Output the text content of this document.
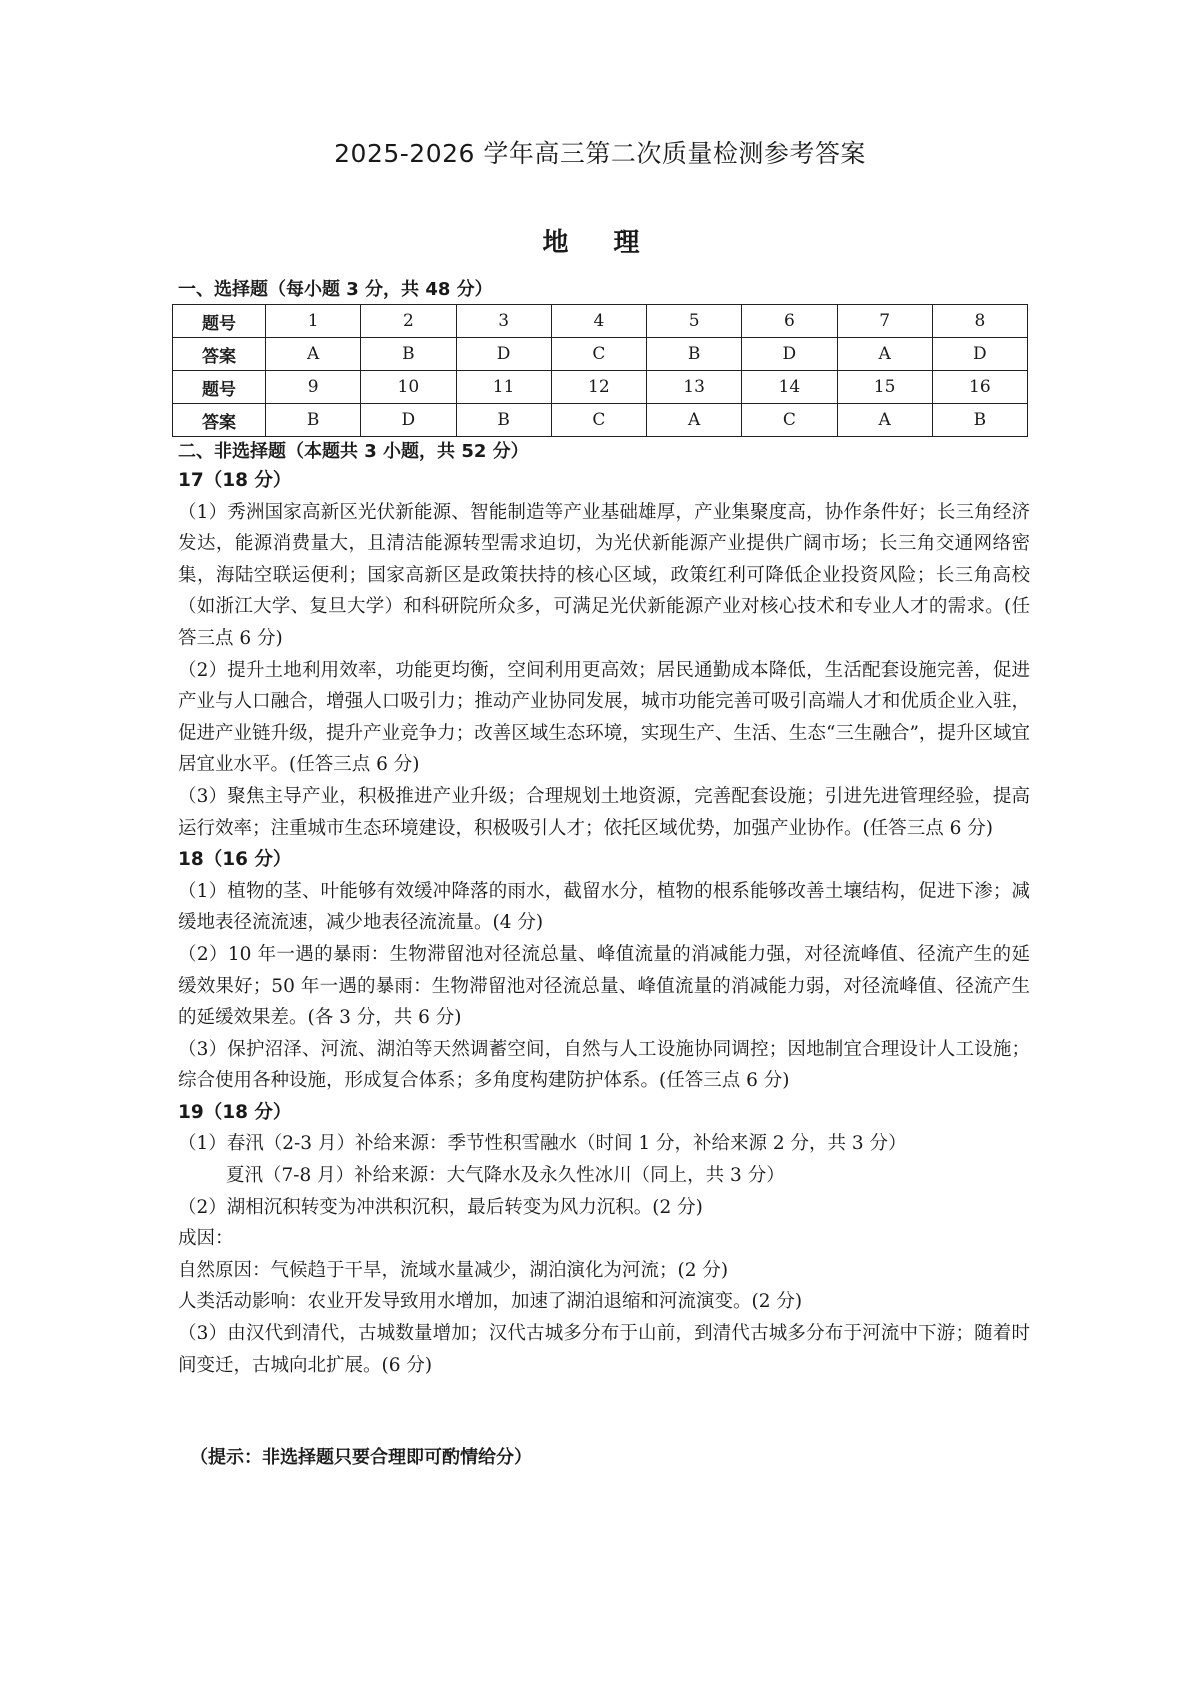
2025-2026 学年高三第二次质量检测参考答案
地 理
一、选择题（每小题 3 分，共 48 分）
题号	1	2	3	4	5	6	7	8
答案	A	B	D	C	B	D	A	D
题号	9	10	11	12	13	14	15	16
答案	B	D	B	C	A	C	A	B
二、非选择题（本题共 3 小题，共 52 分）
17（18 分）

（1）秀洲国家高新区光伏新能源、智能制造等产业基础雄厚，产业集聚度高，协作条件好；长三角经济发达，能源消费量大，且清洁能源转型需求迫切，为光伏新能源产业提供广阔市场；长三角交通网络密集，海陆空联运便利；国家高新区是政策扶持的核心区域，政策红利可降低企业投资风险；长三角高校（如浙江大学、复旦大学）和科研院所众多，可满足光伏新能源产业对核心技术和专业人才的需求。(任答三点 6 分)

（2）提升土地利用效率，功能更均衡，空间利用更高效；居民通勤成本降低，生活配套设施完善，促进产业与人口融合，增强人口吸引力；推动产业协同发展，城市功能完善可吸引高端人才和优质企业入驻，促进产业链升级，提升产业竞争力；改善区域生态环境，实现生产、生活、生态“三生融合”，提升区域宜居宜业水平。(任答三点 6 分)

（3）聚焦主导产业，积极推进产业升级；合理规划土地资源，完善配套设施；引进先进管理经验，提高运行效率；注重城市生态环境建设，积极吸引人才；依托区域优势，加强产业协作。(任答三点 6 分)

18（16 分）

（1）植物的茎、叶能够有效缓冲降落的雨水，截留水分，植物的根系能够改善土壤结构，促进下渗；减缓地表径流流速，减少地表径流流量。(4 分)

（2）10 年一遇的暴雨：生物滞留池对径流总量、峰值流量的消减能力强，对径流峰值、径流产生的延缓效果好；50 年一遇的暴雨：生物滞留池对径流总量、峰值流量的消减能力弱，对径流峰值、径流产生的延缓效果差。(各 3 分，共 6 分)

（3）保护沼泽、河流、湖泊等天然调蓄空间，自然与人工设施协同调控；因地制宜合理设计人工设施；综合使用各种设施，形成复合体系；多角度构建防护体系。(任答三点 6 分)

19（18 分）

（1）春汛（2-3 月）补给来源：季节性积雪融水（时间 1 分，补给来源 2 分，共 3 分）

夏汛（7-8 月）补给来源：大气降水及永久性冰川（同上，共 3 分）

（2）湖相沉积转变为冲洪积沉积，最后转变为风力沉积。(2 分)

成因：

自然原因：气候趋于干旱，流域水量减少，湖泊演化为河流；(2 分)

人类活动影响：农业开发导致用水增加，加速了湖泊退缩和河流演变。(2 分)

（3）由汉代到清代，古城数量增加；汉代古城多分布于山前，到清代古城多分布于河流中下游；随着时间变迁，古城向北扩展。(6 分)

（提示：非选择题只要合理即可酌情给分）
